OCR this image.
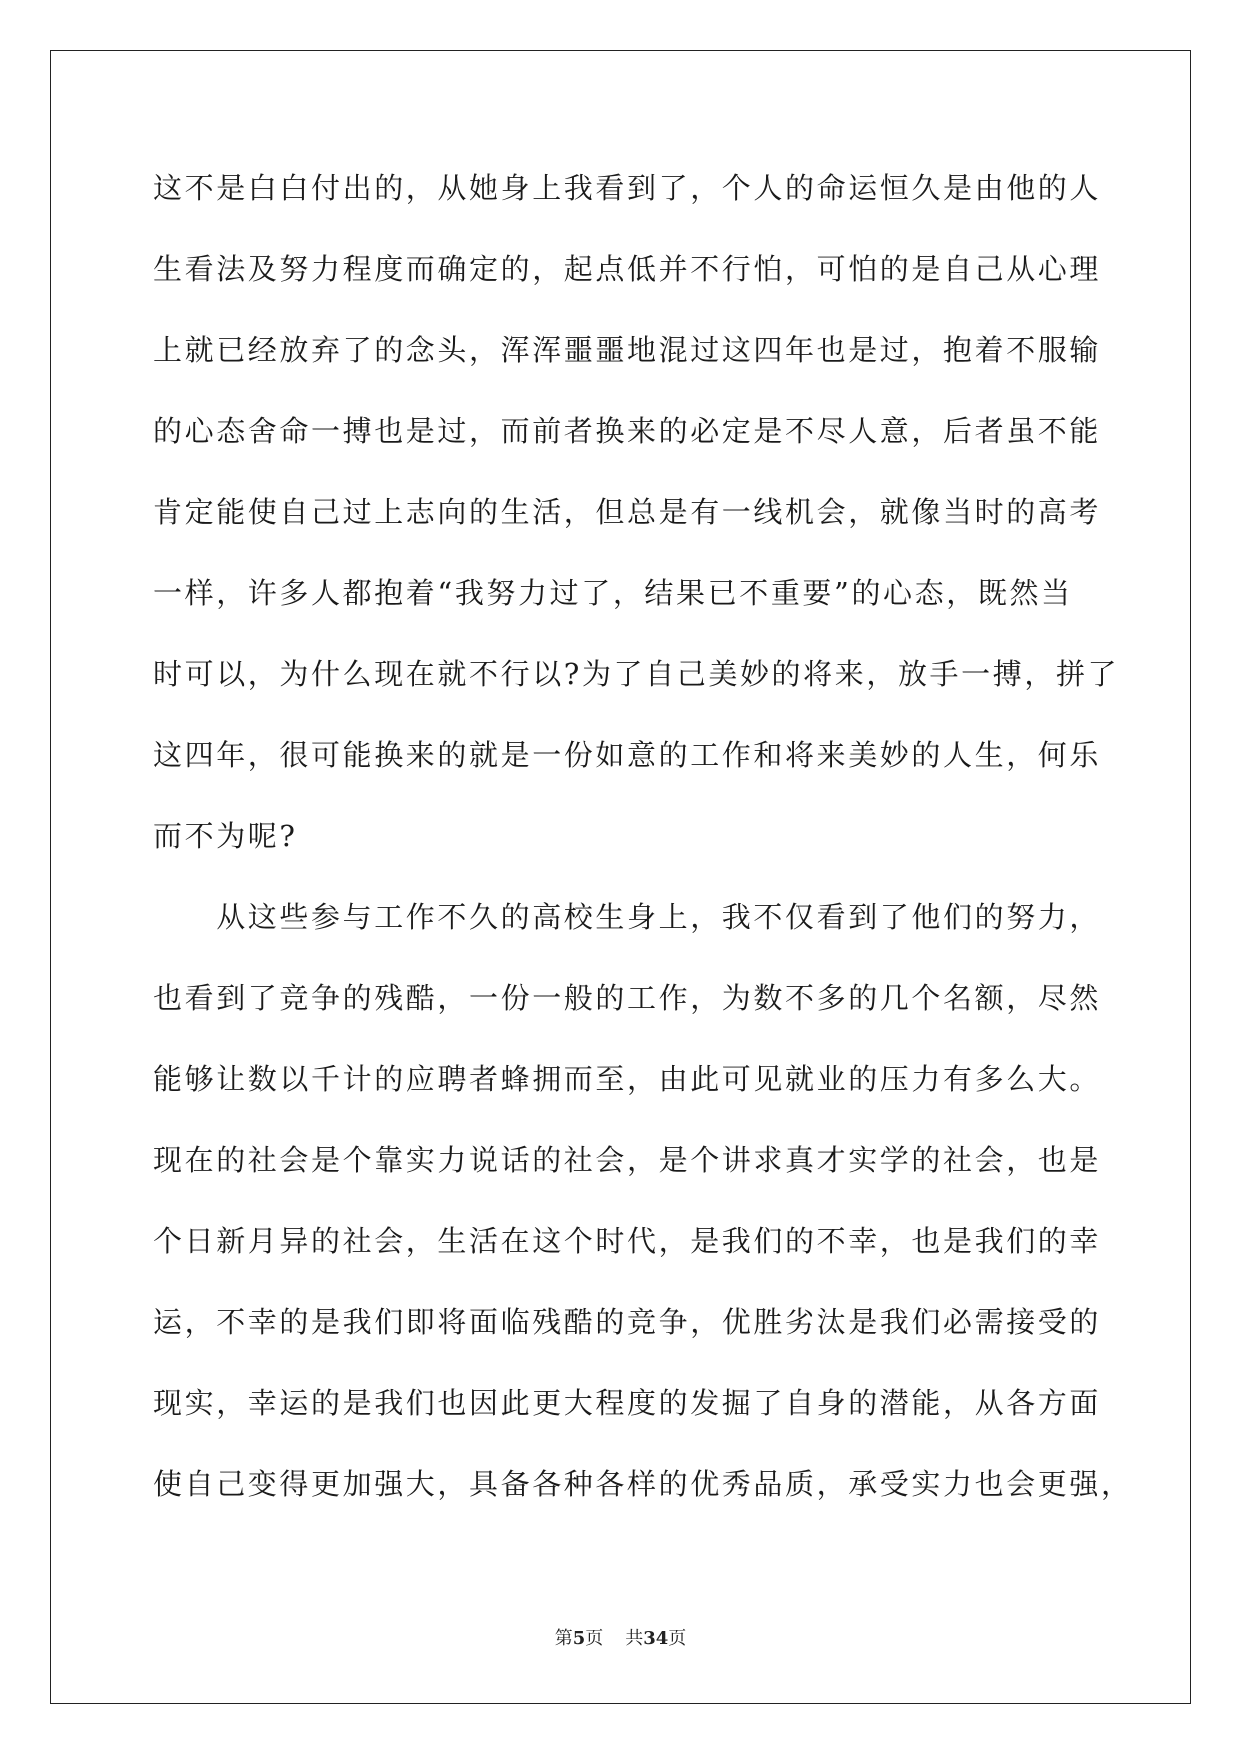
这不是白白付出的，从她身上我看到了，个人的命运恒久是由他的人
生看法及努力程度而确定的，起点低并不行怕，可怕的是自己从心理
上就已经放弃了的念头，浑浑噩噩地混过这四年也是过，抱着不服输
的心态舍命一搏也是过，而前者换来的必定是不尽人意，后者虽不能
肯定能使自己过上志向的生活，但总是有一线机会，就像当时的高考
一样，许多人都抱着“我努力过了，结果已不重要”的心态，既然当
时可以，为什么现在就不行以?为了自己美妙的将来，放手一搏，拼了
这四年，很可能换来的就是一份如意的工作和将来美妙的人生，何乐
而不为呢?
　　从这些参与工作不久的高校生身上，我不仅看到了他们的努力，
也看到了竞争的残酷，一份一般的工作，为数不多的几个名额，尽然
能够让数以千计的应聘者蜂拥而至，由此可见就业的压力有多么大。
现在的社会是个靠实力说话的社会，是个讲求真才实学的社会，也是
个日新月异的社会，生活在这个时代，是我们的不幸，也是我们的幸
运，不幸的是我们即将面临残酷的竞争，优胜劣汰是我们必需接受的
现实，幸运的是我们也因此更大程度的发掘了自身的潜能，从各方面
使自己变得更加强大，具备各种各样的优秀品质，承受实力也会更强，
第5页 共34页
